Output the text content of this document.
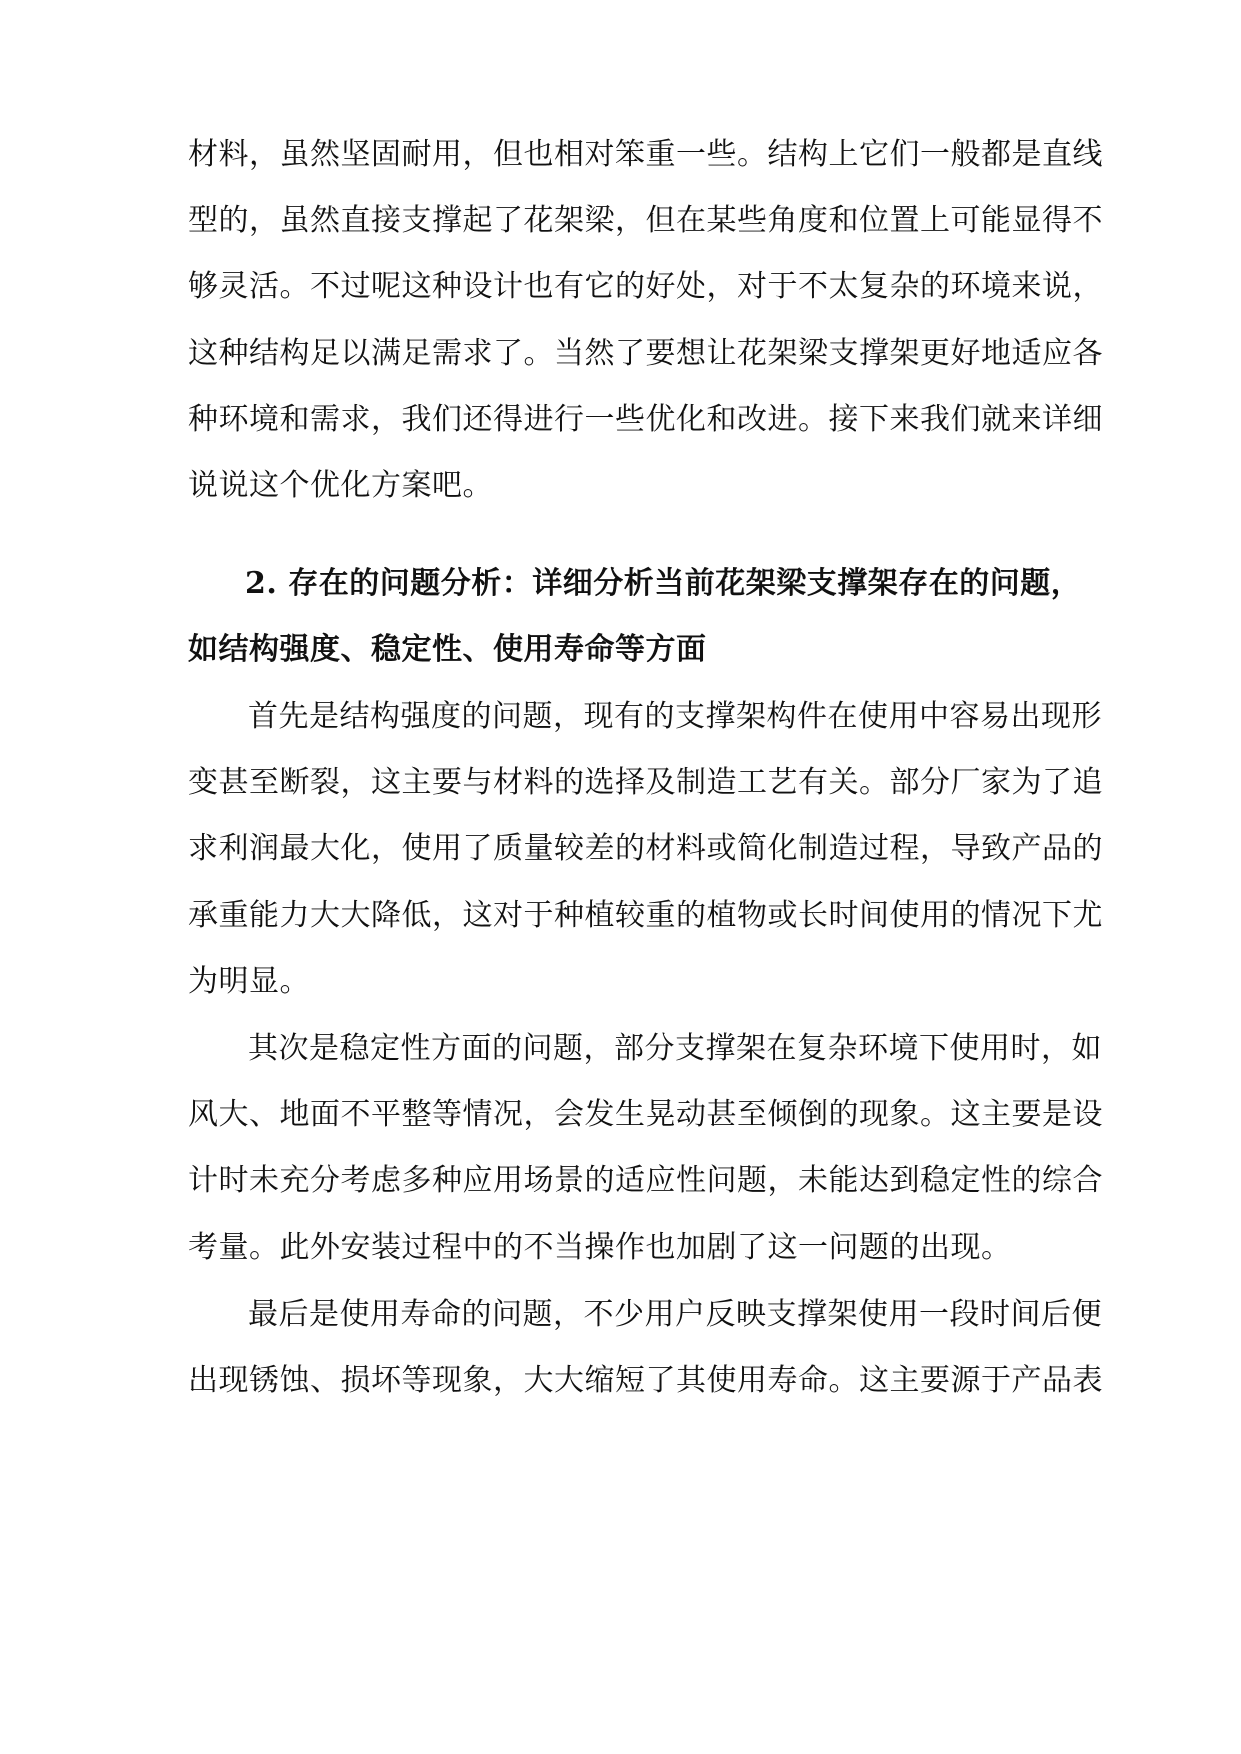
材料，虽然坚固耐用，但也相对笨重一些。结构上它们一般都是直线
型的，虽然直接支撑起了花架梁，但在某些角度和位置上可能显得不
够灵活。不过呢这种设计也有它的好处，对于不太复杂的环境来说，
这种结构足以满足需求了。当然了要想让花架梁支撑架更好地适应各
种环境和需求，我们还得进行一些优化和改进。接下来我们就来详细
说说这个优化方案吧。
2. 存在的问题分析：详细分析当前花架梁支撑架存在的问题，
如结构强度、稳定性、使用寿命等方面
首先是结构强度的问题，现有的支撑架构件在使用中容易出现形
变甚至断裂，这主要与材料的选择及制造工艺有关。部分厂家为了追
求利润最大化，使用了质量较差的材料或简化制造过程，导致产品的
承重能力大大降低，这对于种植较重的植物或长时间使用的情况下尤
为明显。
其次是稳定性方面的问题，部分支撑架在复杂环境下使用时，如
风大、地面不平整等情况，会发生晃动甚至倾倒的现象。这主要是设
计时未充分考虑多种应用场景的适应性问题，未能达到稳定性的综合
考量。此外安装过程中的不当操作也加剧了这一问题的出现。
最后是使用寿命的问题，不少用户反映支撑架使用一段时间后便
出现锈蚀、损坏等现象，大大缩短了其使用寿命。这主要源于产品表
